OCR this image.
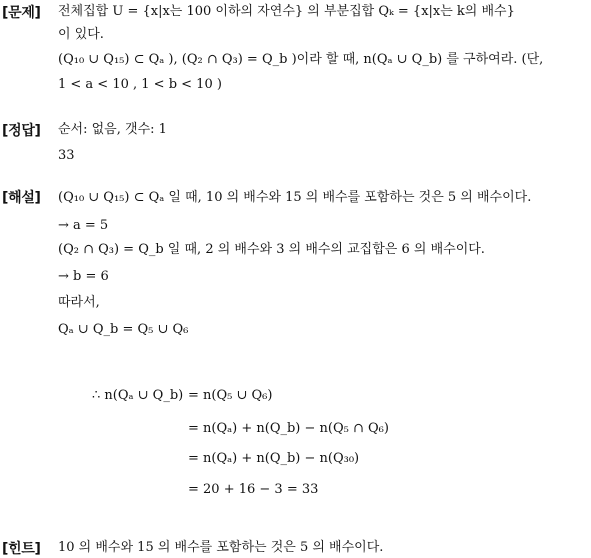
[문제] 전체집합 U = {x|x는 100 이하의 자연수} 의 부분집합 Qₖ = {x|x는 k의 배수}
이 있다.
(Q₁₀ ∪ Q₁₅) ⊂ Qₐ ), (Q₂ ∩ Q₃) = Q_b )이라 할 때, n(Qₐ ∪ Q_b) 를 구하여라. (단,
1 < a < 10 , 1 < b < 10 )
[정답] 순서: 없음, 갯수: 1
33
[해설] (Q₁₀ ∪ Q₁₅) ⊂ Qₐ 일 때, 10 의 배수와 15 의 배수를 포함하는 것은 5 의 배수이다.
→ a = 5
(Q₂ ∩ Q₃) = Q_b 일 때, 2 의 배수와 3 의 배수의 교집합은 6 의 배수이다.
→ b = 6
따라서,
Qₐ ∪ Q_b = Q₅ ∪ Q₆
∴ n(Qₐ ∪ Q_b) = n(Q₅ ∪ Q₆)
= n(Qₐ) + n(Q_b) − n(Q₅ ∩ Q₆)
= n(Qₐ) + n(Q_b) − n(Q₃₀)
= 20 + 16 − 3 = 33
[힌트] 10 의 배수와 15 의 배수를 포함하는 것은 5 의 배수이다.
